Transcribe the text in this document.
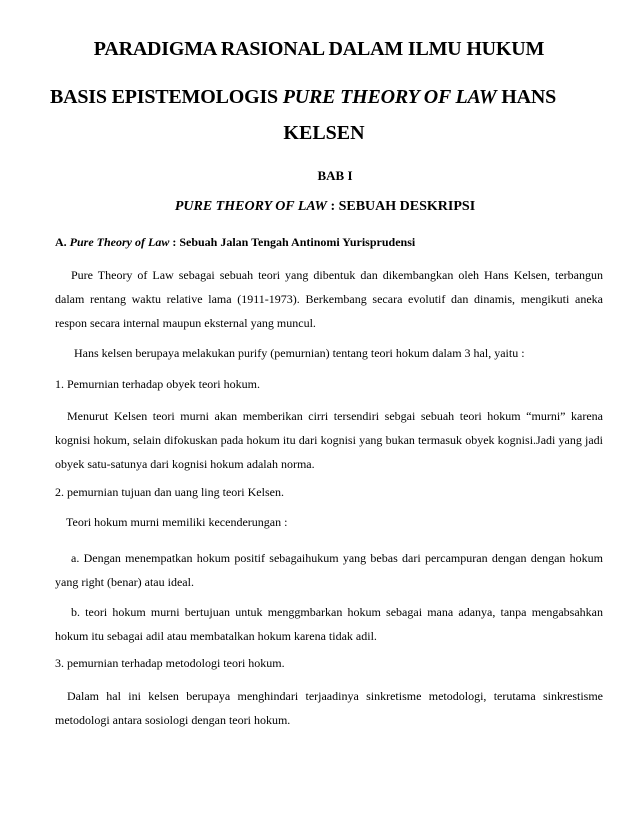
PARADIGMA RASIONAL DALAM ILMU HUKUM
BASIS EPISTEMOLOGIS PURE THEORY OF LAW HANS
KELSEN
BAB I
PURE THEORY OF LAW : SEBUAH DESKRIPSI
A. Pure Theory of Law : Sebuah Jalan Tengah Antinomi Yurisprudensi
Pure Theory of Law sebagai sebuah teori yang dibentuk dan dikembangkan oleh Hans Kelsen, terbangun dalam rentang waktu relative lama (1911-1973). Berkembang secara evolutif dan dinamis, mengikuti aneka respon secara internal maupun eksternal yang muncul.
Hans kelsen berupaya melakukan purify (pemurnian) tentang teori hokum dalam 3 hal, yaitu :
1. Pemurnian terhadap obyek teori hokum.
Menurut Kelsen teori murni akan memberikan cirri tersendiri sebgai sebuah teori hokum “murni” karena kognisi hokum, selain difokuskan pada hokum itu dari kognisi yang bukan termasuk obyek kognisi.Jadi yang jadi obyek satu-satunya dari kognisi hokum adalah norma.
2. pemurnian tujuan dan uang ling teori Kelsen.
Teori hokum murni memiliki kecenderungan :
a. Dengan menempatkan hokum positif sebagaihukum yang bebas dari percampuran dengan dengan hokum yang right (benar) atau ideal.
b. teori hokum murni bertujuan untuk menggmbarkan hokum sebagai mana adanya, tanpa mengabsahkan hokum itu sebagai adil atau membatalkan hokum karena tidak adil.
3. pemurnian terhadap metodologi teori hokum.
Dalam hal ini kelsen berupaya menghindari terjaadinya sinkretisme metodologi, terutama sinkrestisme metodologi antara sosiologi dengan teori hokum.
